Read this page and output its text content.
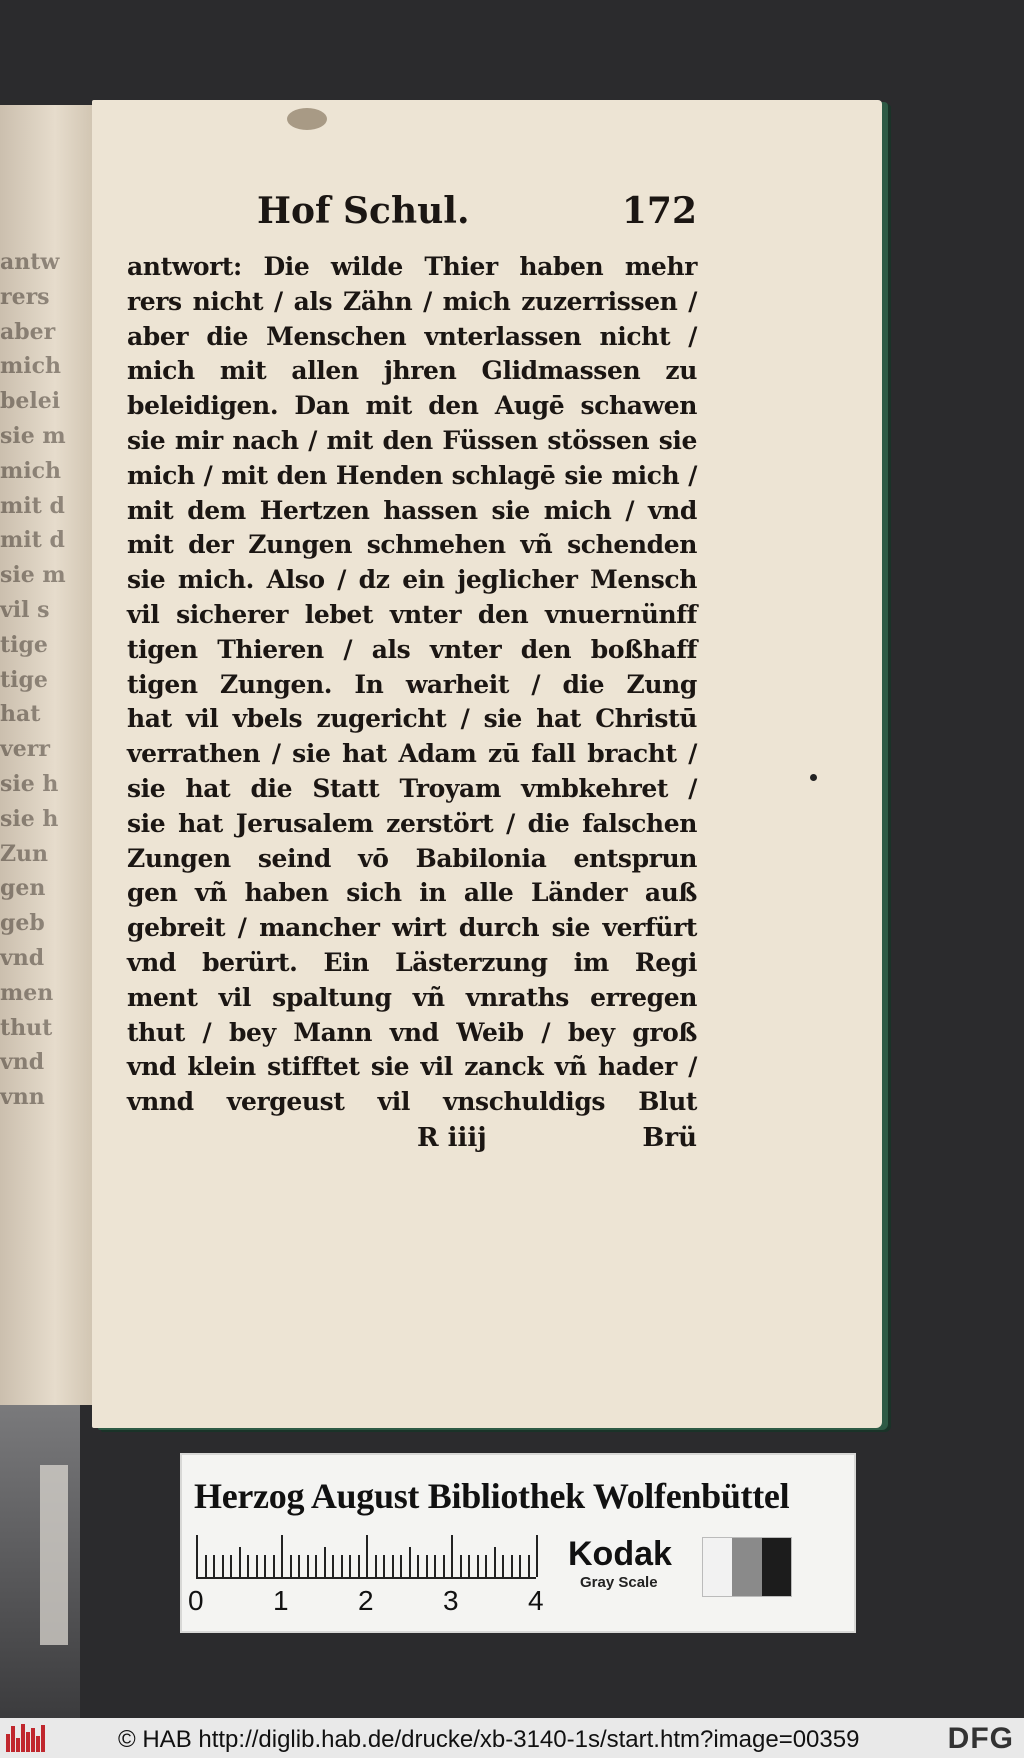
antw
rers
aber
mich
belei
sie m
mich
mit d
mit d
sie m
vil s
tige
tige
hat
verr
sie h
sie h
Zun
gen
geb
vnd
men
thut
vnd
vnn
Hof Schul.	172
antwort: Die wilde Thier haben mehr
rers nicht / als Zähn / mich zuzerrissen /
aber die Menschen vnterlassen nicht /
mich mit allen jhren Glidmassen zu
beleidigen. Dan mit den Augē schawen
sie mir nach / mit den Füssen stössen sie
mich / mit den Henden schlagē sie mich /
mit dem Hertzen hassen sie mich / vnd
mit der Zungen schmehen vñ schenden
sie mich. Also / dz ein jeglicher Mensch
vil sicherer lebet vnter den vnuernünff
tigen Thieren / als vnter den boßhaff
tigen Zungen. In warheit / die Zung
hat vil vbels zugericht / sie hat Christū
verrathen / sie hat Adam zū fall bracht /
sie hat die Statt Troyam vmbkehret /
sie hat Jerusalem zerstört / die falschen
Zungen seind vō Babilonia entsprun
gen vñ haben sich in alle Länder auß
gebreit / mancher wirt durch sie verfürt
vnd berürt. Ein Lästerzung im Regi
ment vil spaltung vñ vnraths erregen
thut / bey Mann vnd Weib / bey groß
vnd klein stifftet sie vil zanck vñ hader /
vnnd vergeust vil vnschuldigs Blut
R iiij	Brü
Herzog August Bibliothek Wolfenbüttel
0 1 2 3 4
Kodak
Gray Scale
© HAB http://diglib.hab.de/drucke/xb-3140-1s/start.htm?image=00359	DFG
